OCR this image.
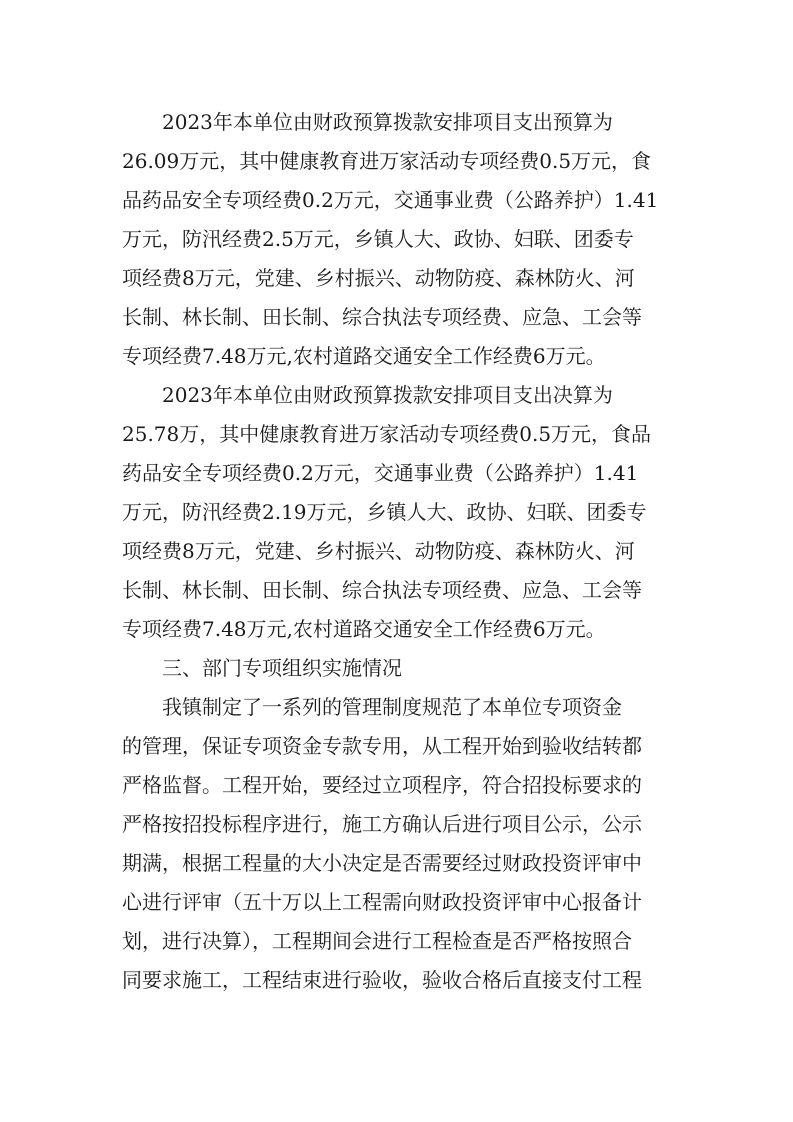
2023年本单位由财政预算拨款安排项目支出预算为
26.09万元，其中健康教育进万家活动专项经费0.5万元，食
品药品安全专项经费0.2万元，交通事业费（公路养护）1.41
万元，防汛经费2.5万元，乡镇人大、政协、妇联、团委专
项经费8万元，党建、乡村振兴、动物防疫、森林防火、河
长制、林长制、田长制、综合执法专项经费、应急、工会等
专项经费7.48万元,农村道路交通安全工作经费6万元。
2023年本单位由财政预算拨款安排项目支出决算为
25.78万，其中健康教育进万家活动专项经费0.5万元，食品
药品安全专项经费0.2万元，交通事业费（公路养护）1.41
万元，防汛经费2.19万元，乡镇人大、政协、妇联、团委专
项经费8万元，党建、乡村振兴、动物防疫、森林防火、河
长制、林长制、田长制、综合执法专项经费、应急、工会等
专项经费7.48万元,农村道路交通安全工作经费6万元。
三、部门专项组织实施情况
我镇制定了一系列的管理制度规范了本单位专项资金
的管理，保证专项资金专款专用，从工程开始到验收结转都
严格监督。工程开始，要经过立项程序，符合招投标要求的
严格按招投标程序进行，施工方确认后进行项目公示，公示
期满，根据工程量的大小决定是否需要经过财政投资评审中
心进行评审（五十万以上工程需向财政投资评审中心报备计
划，进行决算），工程期间会进行工程检查是否严格按照合
同要求施工，工程结束进行验收，验收合格后直接支付工程
